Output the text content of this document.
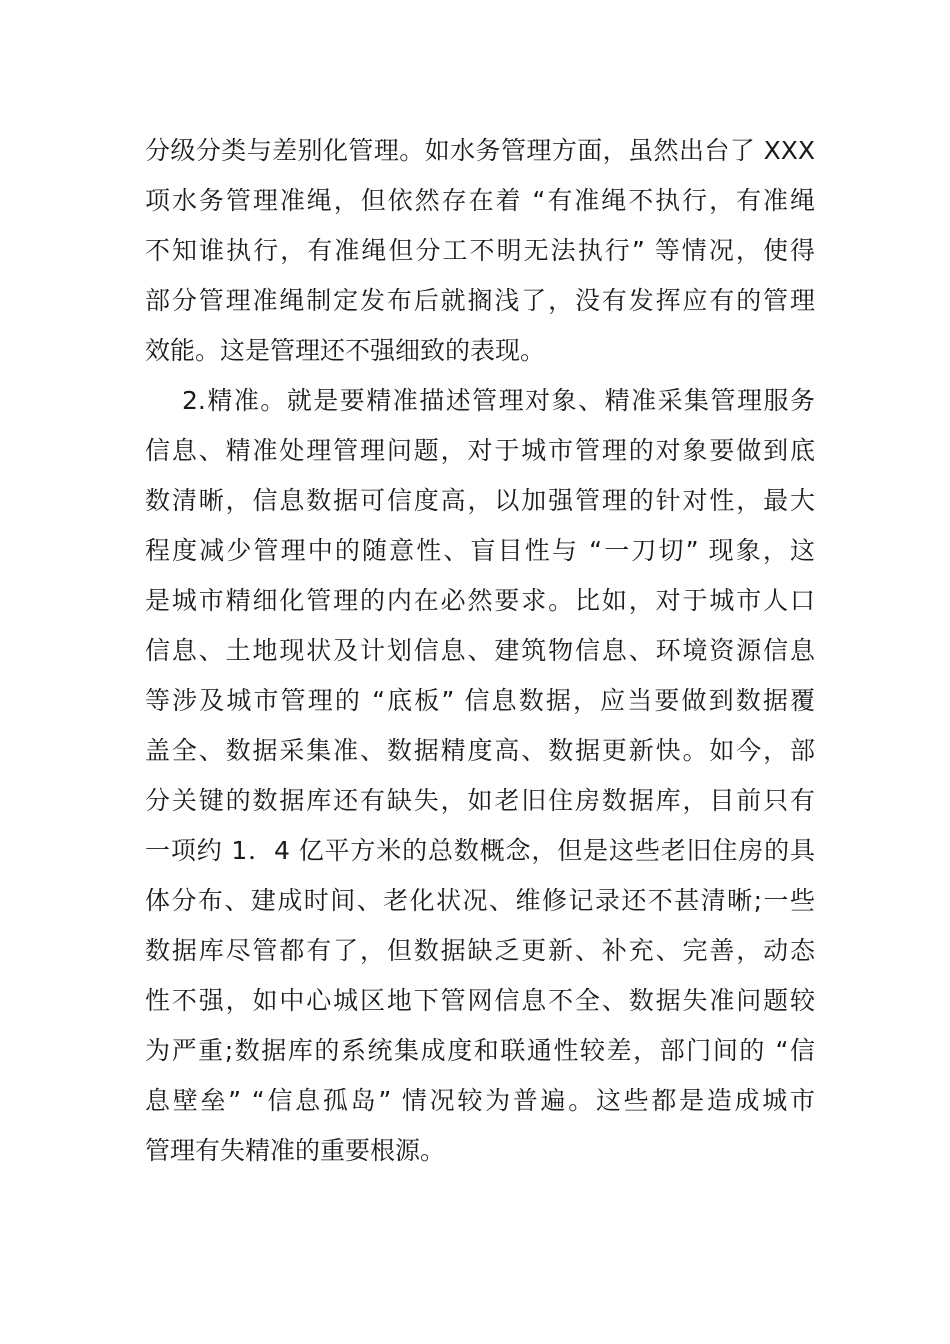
分级分类与差别化管理。如水务管理方面，虽然出台了 XXX
项水务管理准绳，但依然存在着 “有准绳不执行，有准绳
不知谁执行，有准绳但分工不明无法执行” 等情况，使得
部分管理准绳制定发布后就搁浅了，没有发挥应有的管理
效能。这是管理还不强细致的表现。
2.精准。就是要精准描述管理对象、精准采集管理服务
信息、精准处理管理问题，对于城市管理的对象要做到底
数清晰，信息数据可信度高，以加强管理的针对性，最大
程度减少管理中的随意性、盲目性与 “一刀切” 现象，这
是城市精细化管理的内在必然要求。比如，对于城市人口
信息、土地现状及计划信息、建筑物信息、环境资源信息
等涉及城市管理的 “底板” 信息数据，应当要做到数据覆
盖全、数据采集准、数据精度高、数据更新快。如今，部
分关键的数据库还有缺失，如老旧住房数据库，目前只有
一项约 1．4 亿平方米的总数概念，但是这些老旧住房的具
体分布、建成时间、老化状况、维修记录还不甚清晰;一些
数据库尽管都有了，但数据缺乏更新、补充、完善，动态
性不强，如中心城区地下管网信息不全、数据失准问题较
为严重;数据库的系统集成度和联通性较差，部门间的 “信
息壁垒” “信息孤岛” 情况较为普遍。这些都是造成城市
管理有失精准的重要根源。
